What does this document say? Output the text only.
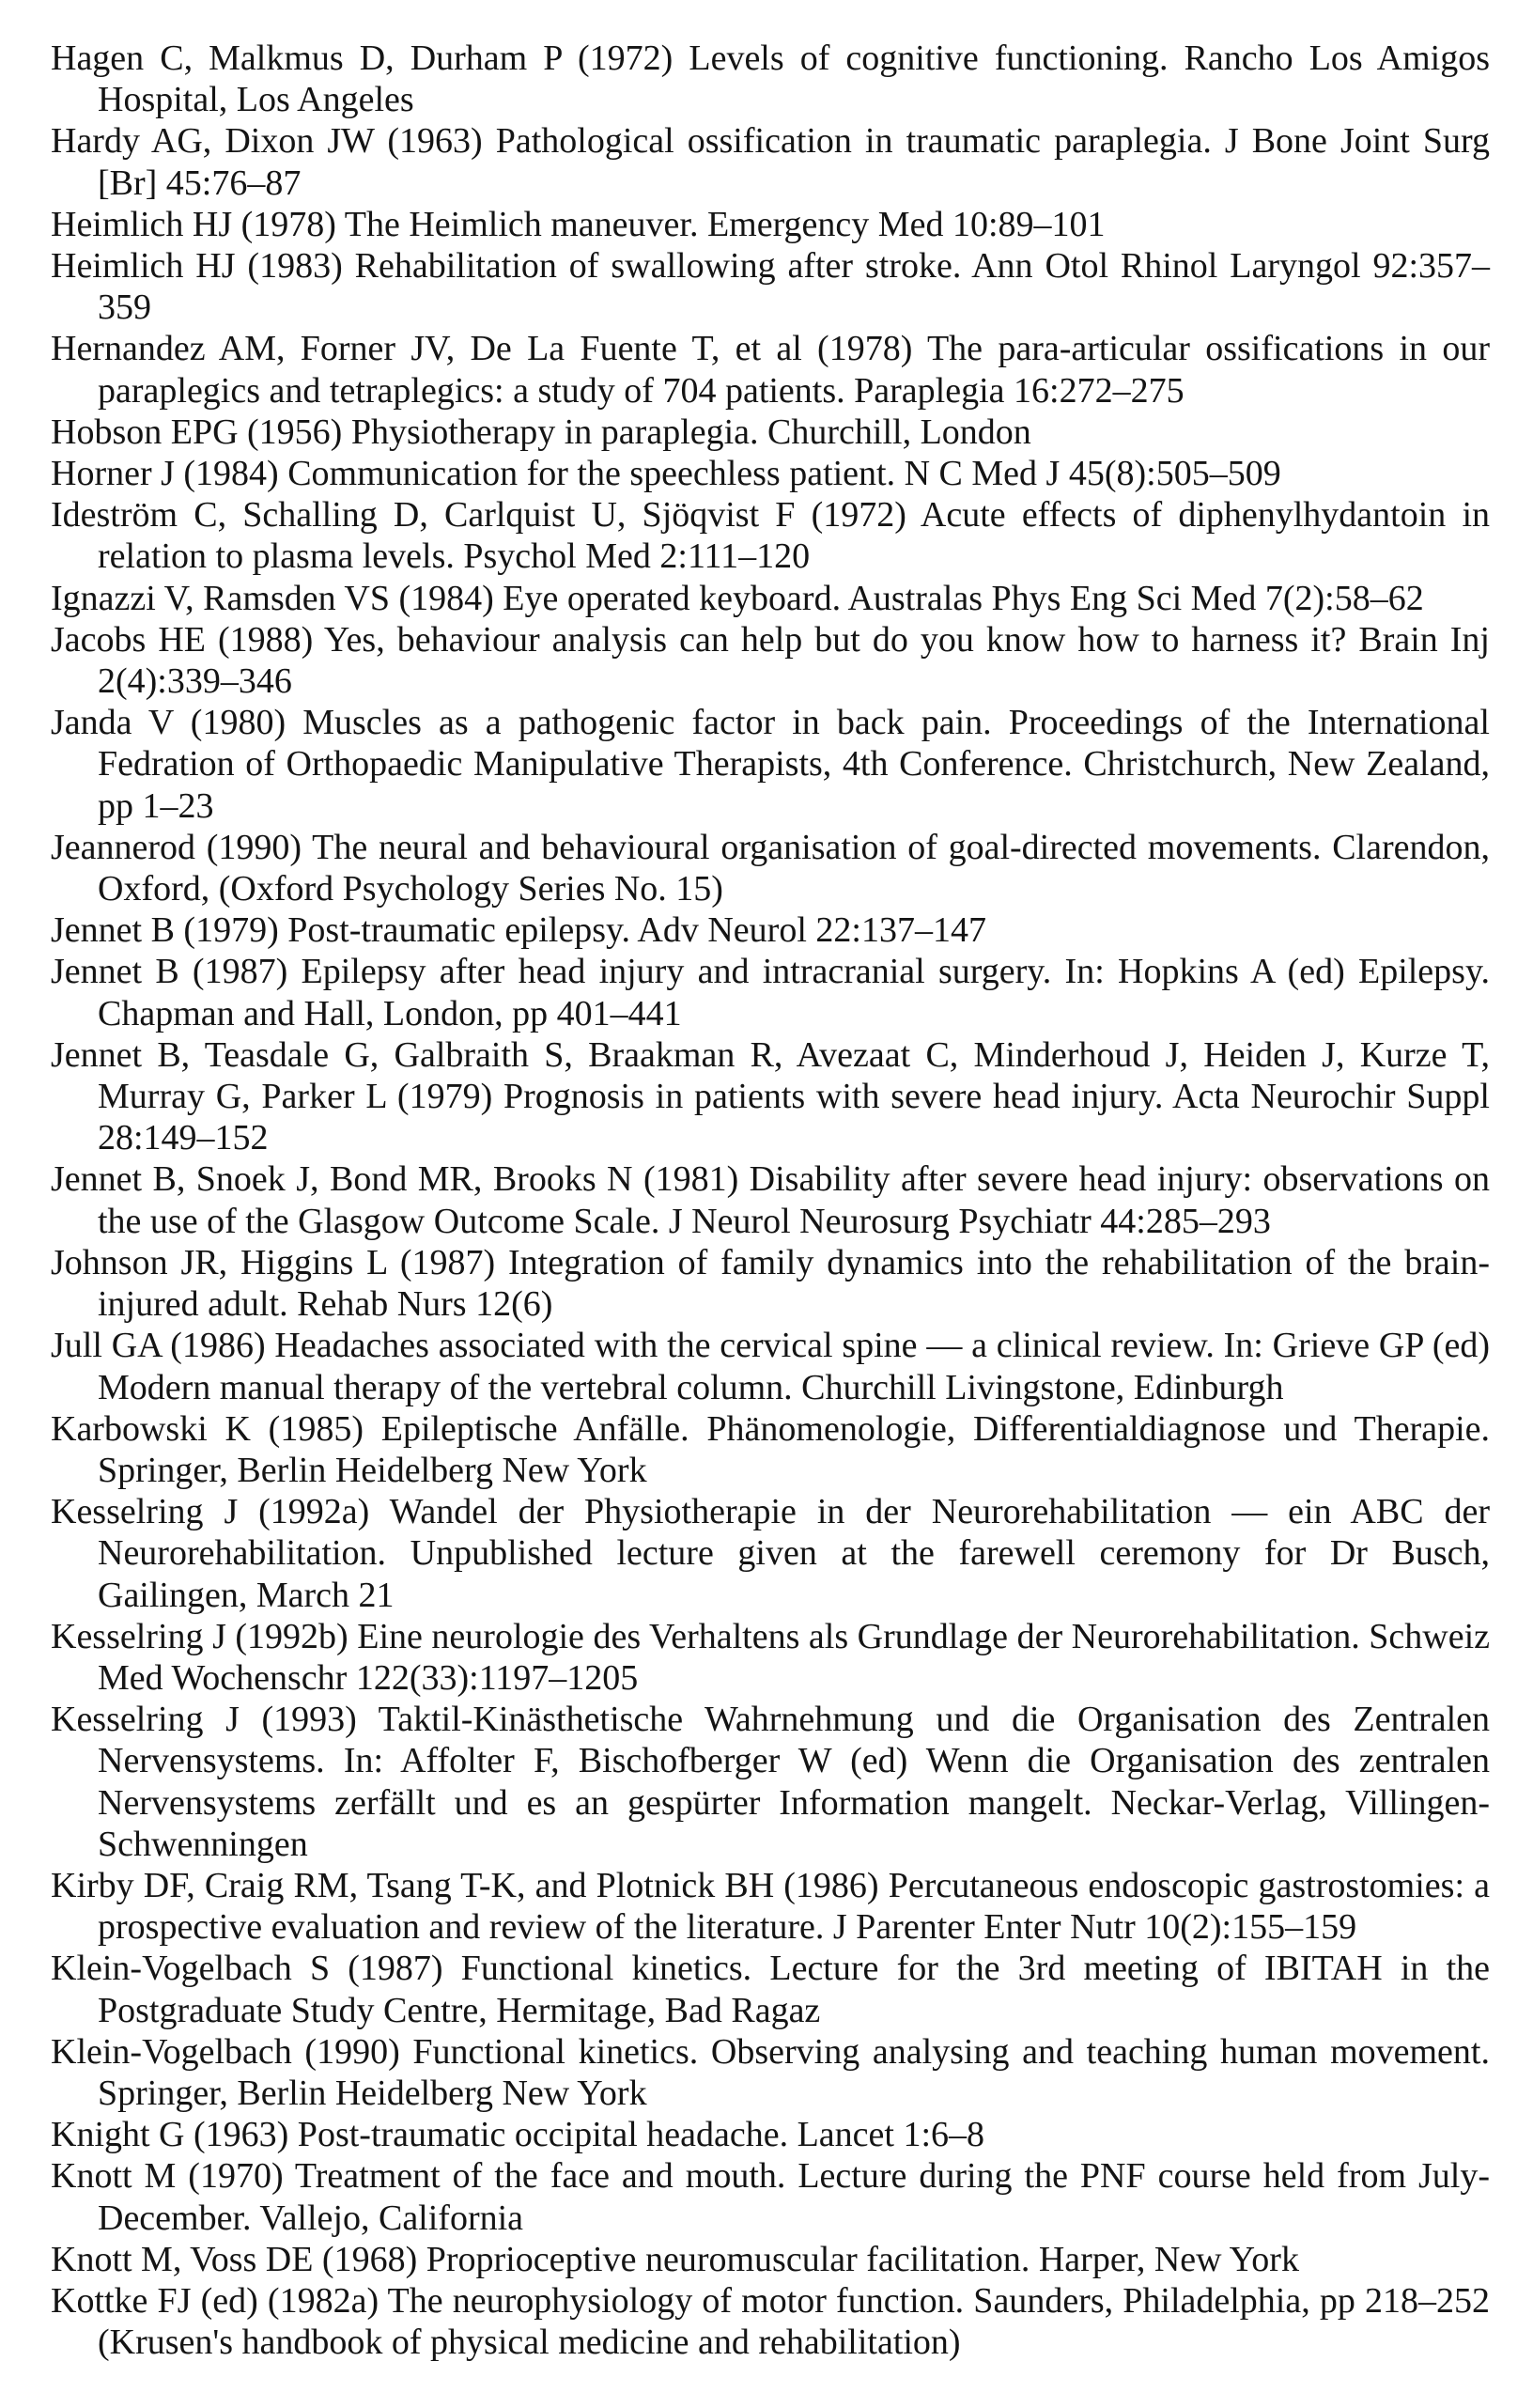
Hagen C, Malkmus D, Durham P (1972) Levels of cognitive functioning. Rancho Los Amigos Hospital, Los Angeles

Hardy AG, Dixon JW (1963) Pathological ossification in traumatic paraplegia. J Bone Joint Surg [Br] 45:76–87

Heimlich HJ (1978) The Heimlich maneuver. Emergency Med 10:89–101

Heimlich HJ (1983) Rehabilitation of swallowing after stroke. Ann Otol Rhinol Laryngol 92:357–359

Hernandez AM, Forner JV, De La Fuente T, et al (1978) The para-articular ossifications in our paraplegics and tetraplegics: a study of 704 patients. Paraplegia 16:272–275

Hobson EPG (1956) Physiotherapy in paraplegia. Churchill, London

Horner J (1984) Communication for the speechless patient. N C Med J 45(8):505–509

Ideström C, Schalling D, Carlquist U, Sjöqvist F (1972) Acute effects of diphenylhydantoin in relation to plasma levels. Psychol Med 2:111–120

Ignazzi V, Ramsden VS (1984) Eye operated keyboard. Australas Phys Eng Sci Med 7(2):58–62

Jacobs HE (1988) Yes, behaviour analysis can help but do you know how to harness it? Brain Inj 2(4):339–346

Janda V (1980) Muscles as a pathogenic factor in back pain. Proceedings of the International Fedration of Orthopaedic Manipulative Therapists, 4th Conference. Christchurch, New Zealand, pp 1–23

Jeannerod (1990) The neural and behavioural organisation of goal-directed movements. Clarendon, Oxford, (Oxford Psychology Series No. 15)

Jennet B (1979) Post-traumatic epilepsy. Adv Neurol 22:137–147

Jennet B (1987) Epilepsy after head injury and intracranial surgery. In: Hopkins A (ed) Epilepsy. Chapman and Hall, London, pp 401–441

Jennet B, Teasdale G, Galbraith S, Braakman R, Avezaat C, Minderhoud J, Heiden J, Kurze T, Murray G, Parker L (1979) Prognosis in patients with severe head injury. Acta Neurochir Suppl 28:149–152

Jennet B, Snoek J, Bond MR, Brooks N (1981) Disability after severe head injury: observations on the use of the Glasgow Outcome Scale. J Neurol Neurosurg Psychiatr 44:285–293

Johnson JR, Higgins L (1987) Integration of family dynamics into the rehabilitation of the brain-injured adult. Rehab Nurs 12(6)

Jull GA (1986) Headaches associated with the cervical spine — a clinical review. In: Grieve GP (ed) Modern manual therapy of the vertebral column. Churchill Livingstone, Edinburgh

Karbowski K (1985) Epileptische Anfälle. Phänomenologie, Differentialdiagnose und Therapie. Springer, Berlin Heidelberg New York

Kesselring J (1992a) Wandel der Physiotherapie in der Neurorehabilitation — ein ABC der Neurorehabilitation. Unpublished lecture given at the farewell ceremony for Dr Busch, Gailingen, March 21

Kesselring J (1992b) Eine neurologie des Verhaltens als Grundlage der Neurorehabilitation. Schweiz Med Wochenschr 122(33):1197–1205

Kesselring J (1993) Taktil-Kinästhetische Wahrnehmung und die Organisation des Zentralen Nervensystems. In: Affolter F, Bischofberger W (ed) Wenn die Organisation des zentralen Nervensystems zerfällt und es an gespürter Information mangelt. Neckar-Verlag, Villingen-Schwenningen

Kirby DF, Craig RM, Tsang T-K, and Plotnick BH (1986) Percutaneous endoscopic gastrostomies: a prospective evaluation and review of the literature. J Parenter Enter Nutr 10(2):155–159

Klein-Vogelbach S (1987) Functional kinetics. Lecture for the 3rd meeting of IBITAH in the Postgraduate Study Centre, Hermitage, Bad Ragaz

Klein-Vogelbach (1990) Functional kinetics. Observing analysing and teaching human movement. Springer, Berlin Heidelberg New York

Knight G (1963) Post-traumatic occipital headache. Lancet 1:6–8

Knott M (1970) Treatment of the face and mouth. Lecture during the PNF course held from July-December. Vallejo, California

Knott M, Voss DE (1968) Proprioceptive neuromuscular facilitation. Harper, New York

Kottke FJ (ed) (1982a) The neurophysiology of motor function. Saunders, Philadelphia, pp 218–252 (Krusen's handbook of physical medicine and rehabilitation)
